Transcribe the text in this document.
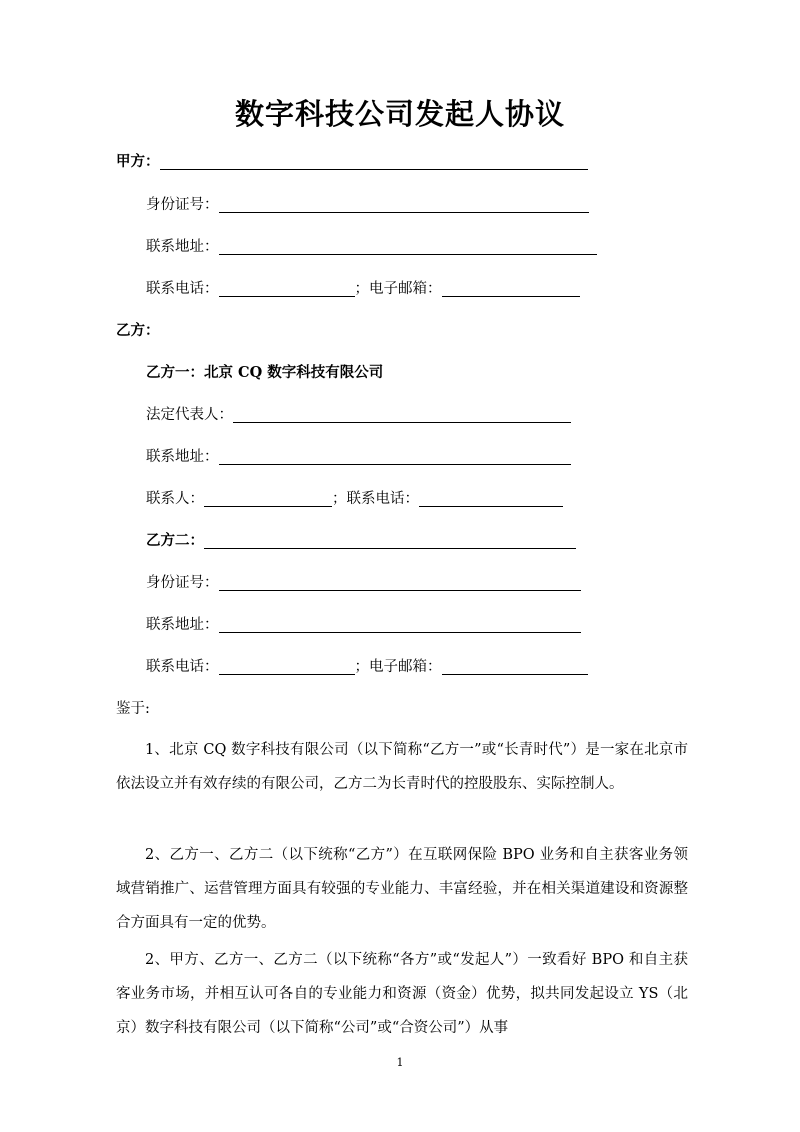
数字科技公司发起人协议
甲方：
身份证号：
联系地址：
联系电话：	； 电子邮箱：
乙方：
乙方一：北京 CQ 数字科技有限公司
法定代表人：
联系地址：
联系人：	； 联系电话：
乙方二：
身份证号：
联系地址：
联系电话：	； 电子邮箱：
鉴于:

1、北京 CQ 数字科技有限公司（以下简称“乙方一”或“长青时代”）是一家在北京市依法设立并有效存续的有限公司，乙方二为长青时代的控股股东、实际控制人。

2、乙方一、乙方二（以下统称“乙方”）在互联网保险 BPO 业务和自主获客业务领域营销推广、运营管理方面具有较强的专业能力、丰富经验，并在相关渠道建设和资源整合方面具有一定的优势。

2、甲方、乙方一、乙方二（以下统称“各方”或“发起人”）一致看好 BPO 和自主获客业务市场，并相互认可各自的专业能力和资源（资金）优势，拟共同发起设立 YS（北京）数字科技有限公司（以下简称“公司”或“合资公司”）从事

1
